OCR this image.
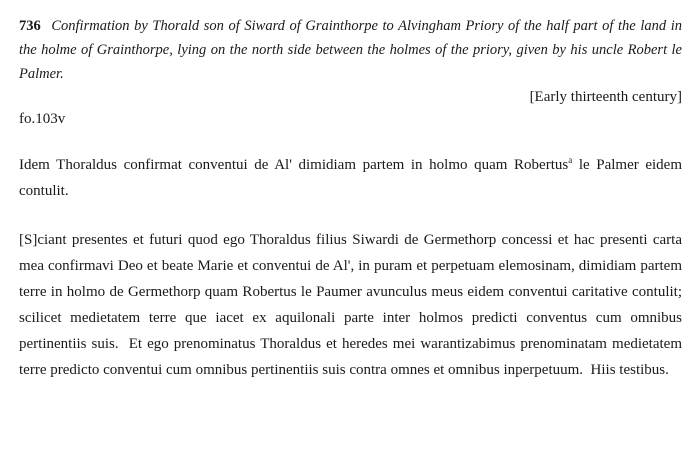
736 Confirmation by Thorald son of Siward of Grainthorpe to Alvingham Priory of the half part of the land in the holme of Grainthorpe, lying on the north side between the holmes of the priory, given by his uncle Robert le Palmer.

[Early thirteenth century]

fo.103v

Idem Thoraldus confirmat conventui de Al' dimidiam partem in holmo quam Robertus$^a$ le Palmer eidem contulit.

[S]ciant presentes et futuri quod ego Thoraldus filius Siwardi de Germethorp concessi et hac presenti carta mea confirmavi Deo et beate Marie et conventui de Al', in puram et perpetuam elemosinam, dimidiam partem terre in holmo de Germethorp quam Robertus le Paumer avunculus meus eidem conventui caritative contulit; scilicet medietatem terre que iacet ex aquilonali parte inter holmos predicti conventus cum omnibus pertinentiis suis.  Et ego prenominatus Thoraldus et heredes mei warantizabimus prenominatam medietatem terre predicto conventui cum omnibus pertinentiis suis contra omnes et omnibus inperpetuum.  Hiis testibus.
